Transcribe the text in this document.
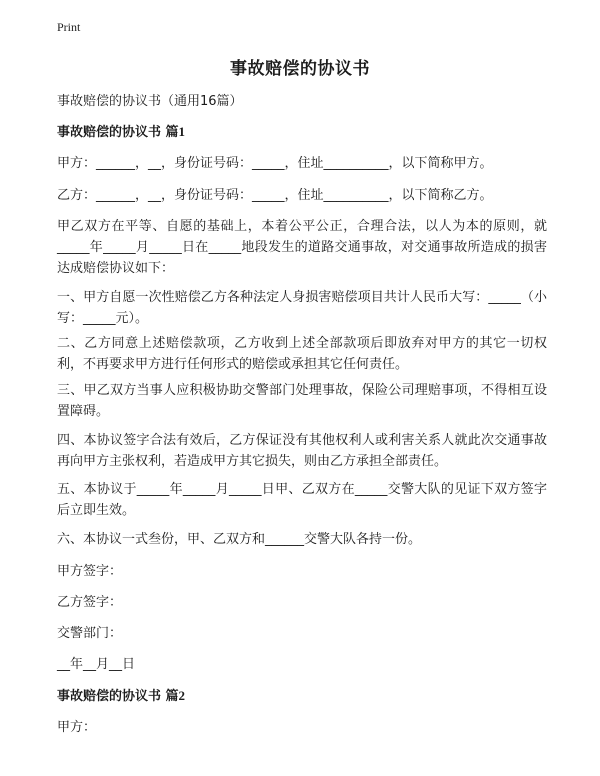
Print
事故赔偿的协议书
事故赔偿的协议书（通用16篇）
事故赔偿的协议书 篇1
甲方：______，__，身份证号码：_____，住址__________，以下简称甲方。
乙方：______，__，身份证号码：_____，住址__________，以下简称乙方。
甲乙双方在平等、自愿的基础上，本着公平公正，合理合法，以人为本的原则，就_____年_____月_____日在_____地段发生的道路交通事故，对交通事故所造成的损害达成赔偿协议如下：
一、甲方自愿一次性赔偿乙方各种法定人身损害赔偿项目共计人民币大写：_____（小写：_____元）。
二、乙方同意上述赔偿款项，乙方收到上述全部款项后即放弃对甲方的其它一切权利，不再要求甲方进行任何形式的赔偿或承担其它任何责任。
三、甲乙双方当事人应积极协助交警部门处理事故，保险公司理赔事项，不得相互设置障碍。
四、本协议签字合法有效后，乙方保证没有其他权利人或利害关系人就此次交通事故再向甲方主张权利，若造成甲方其它损失，则由乙方承担全部责任。
五、本协议于_____年_____月_____日甲、乙双方在_____交警大队的见证下双方签字后立即生效。
六、本协议一式叁份，甲、乙双方和______交警大队各持一份。
甲方签字：
乙方签字：
交警部门：
__年__月__日
事故赔偿的协议书 篇2
甲方：
